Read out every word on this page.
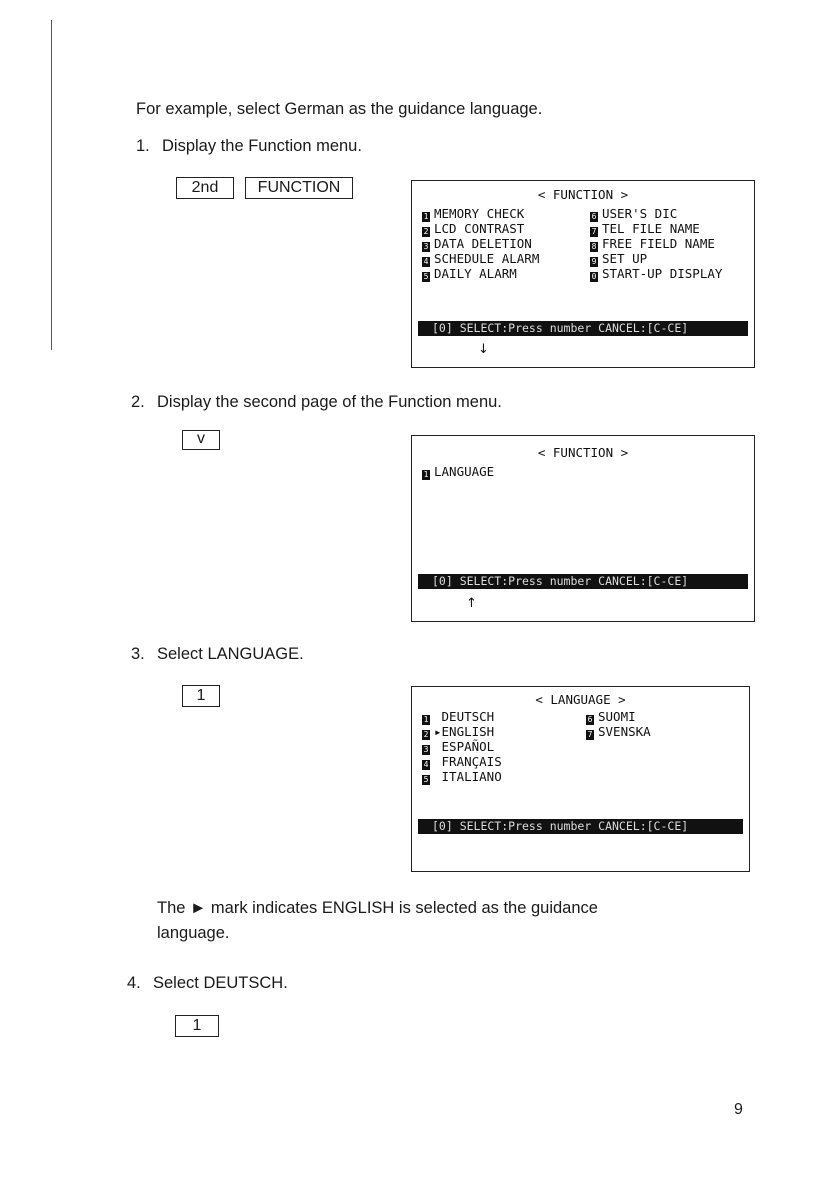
For example, select German as the guidance language.
1. Display the Function menu.
2nd	FUNCTION	< FUNCTION >
1 MEMORY CHECK
2 LCD CONTRAST
3 DATA DELETION
4 SCHEDULE ALARM
5 DAILY ALARM
6 USER'S DIC
7 TEL FILE NAME
8 FREE FIELD NAME
9 SET UP
0 START-UP DISPLAY
[0] SELECT:Press number CANCEL:[C-CE]
↓
2. Display the second page of the Function menu.
v
< FUNCTION >
1 LANGUAGE
[0] SELECT:Press number CANCEL:[C-CE]
↑
3. Select LANGUAGE.
1	< LANGUAGE >
1 DEUTSCH
2 ▸ENGLISH
3 ESPAÑOL
4 FRANÇAIS
5 ITALIANO
6 SUOMI
7 SVENSKA
[0] SELECT:Press number CANCEL:[C-CE]
The ► mark indicates ENGLISH is selected as the guidance
language.
4. Select DEUTSCH.
1
9
